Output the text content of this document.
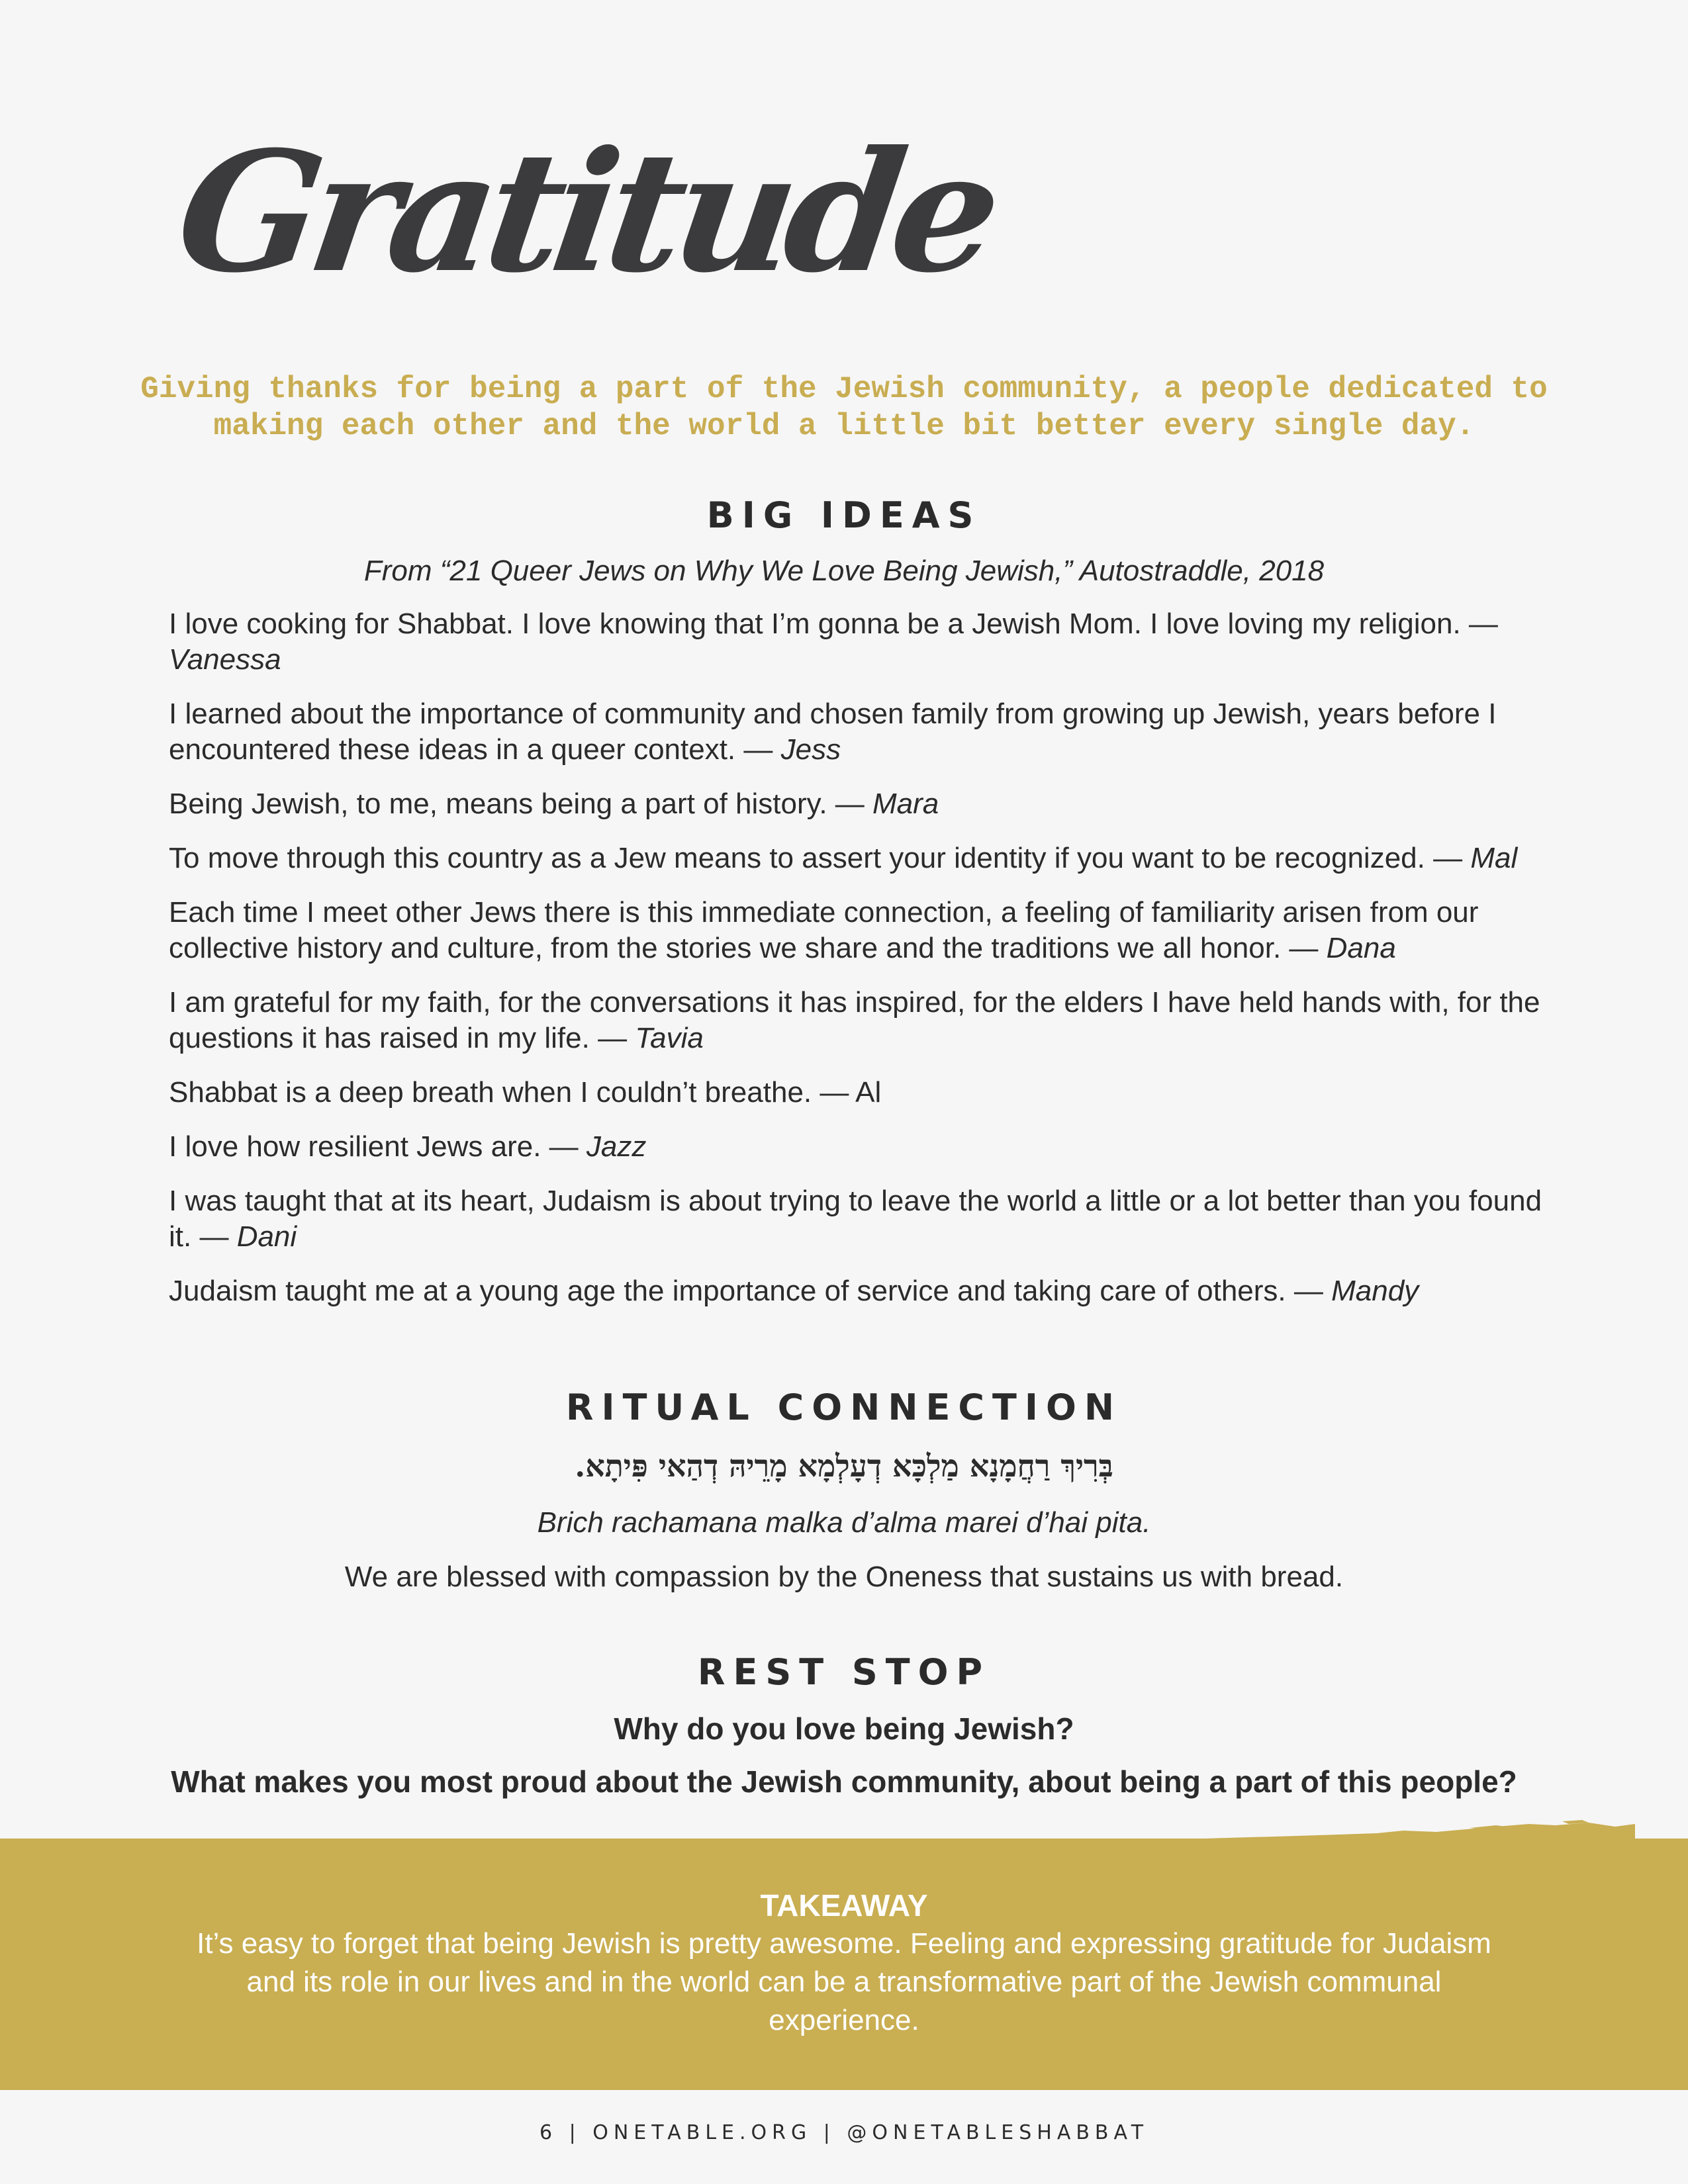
Gratitude
Giving thanks for being a part of the Jewish community, a people dedicated to making each other and the world a little bit better every single day.
BIG IDEAS
From “21 Queer Jews on Why We Love Being Jewish,” Autostraddle, 2018

I love cooking for Shabbat. I love knowing that I’m gonna be a Jewish Mom. I love loving my religion. — Vanessa

I learned about the importance of community and chosen family from growing up Jewish, years before I encountered these ideas in a queer context. — Jess

Being Jewish, to me, means being a part of history. — Mara

To move through this country as a Jew means to assert your identity if you want to be recognized. — Mal

Each time I meet other Jews there is this immediate connection, a feeling of familiarity arisen from our collective history and culture, from the stories we share and the traditions we all honor. — Dana

I am grateful for my faith, for the conversations it has inspired, for the elders I have held hands with, for the questions it has raised in my life. — Tavia

Shabbat is a deep breath when I couldn’t breathe. — Al

I love how resilient Jews are. — Jazz

I was taught that at its heart, Judaism is about trying to leave the world a little or a lot better than you found it. — Dani

Judaism taught me at a young age the importance of service and taking care of others. — Mandy

RITUAL CONNECTION
בְּרִיךְ רַחֲמָנָא מַלְכָּא דְעָלְמָא מָרֵיהּ דְהַאי פִּיתָא.
Brich rachamana malka d’alma marei d’hai pita.
We are blessed with compassion by the Oneness that sustains us with bread.
REST STOP
Why do you love being Jewish?
What makes you most proud about the Jewish community, about being a part of this people?
TAKEAWAY
It’s easy to forget that being Jewish is pretty awesome. Feeling and expressing gratitude for Judaism and its role in our lives and in the world can be a transformative part of the Jewish communal experience.
6 | ONETABLE.ORG | @ONETABLESHABBAT
